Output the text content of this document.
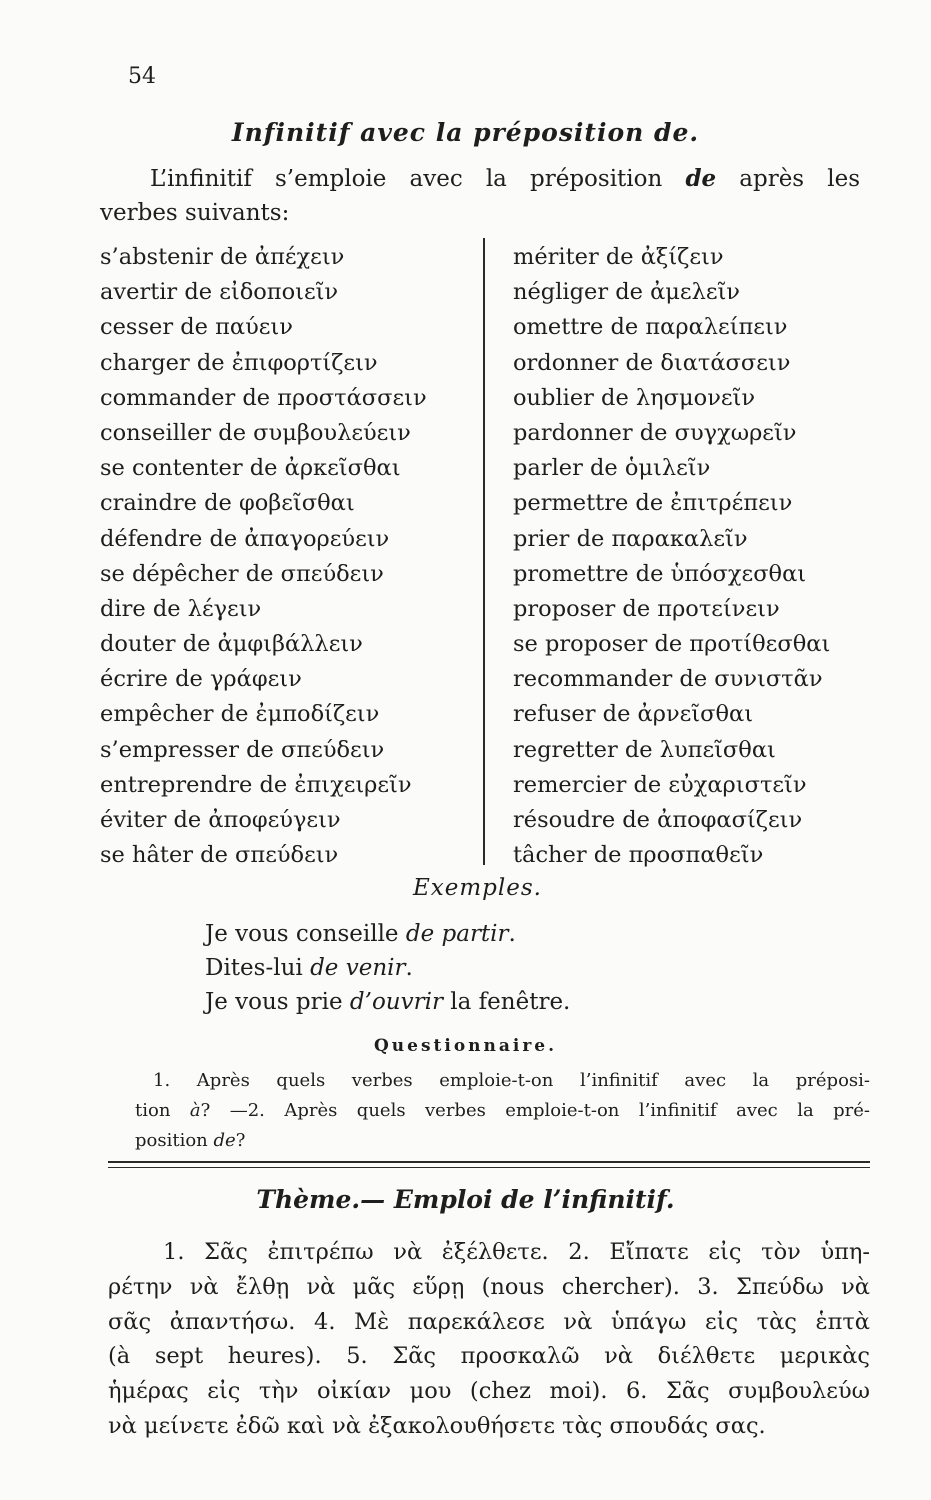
54
Infinitif avec la préposition de.
L’infinitif s’emploie avec la préposition de après les
verbes suivants:
s’abstenir de ἀπέχειν
avertir de εἰδοποιεῖν
cesser de παύειν
charger de ἐπιφορτίζειν
commander de προστάσσειν
conseiller de συμβουλεύειν
se contenter de ἀρκεῖσθαι
craindre de φοβεῖσθαι
défendre de ἀπαγορεύειν
se dépêcher de σπεύδειν
dire de λέγειν
douter de ἀμφιβάλλειν
écrire de γράφειν
empêcher de ἐμποδίζειν
s’empresser de σπεύδειν
entreprendre de ἐπιχειρεῖν
éviter de ἀποφεύγειν
se hâter de σπεύδειν
mériter de ἀξίζειν
négliger de ἀμελεῖν
omettre de παραλείπειν
ordonner de διατάσσειν
oublier de λησμονεῖν
pardonner de συγχωρεῖν
parler de ὁμιλεῖν
permettre de ἐπιτρέπειν
prier de παρακαλεῖν
promettre de ὑπόσχεσθαι
proposer de προτείνειν
se proposer de προτίθεσθαι
recommander de συνιστᾶν
refuser de ἀρνεῖσθαι
regretter de λυπεῖσθαι
remercier de εὐχαριστεῖν
résoudre de ἀποφασίζειν
tâcher de προσπαθεῖν
Exemples.
Je vous conseille de partir.
Dites-lui de venir.
Je vous prie d’ouvrir la fenêtre.
Questionnaire.
1. Après quels verbes emploie-t-on l’infinitif avec la préposi-
tion à? —2. Après quels verbes emploie-t-on l’infinitif avec la pré-
position de?
Thème.— Emploi de l’infinitif.
1. Σᾶς ἐπιτρέπω νὰ ἐξέλθετε. 2. Εἴπατε εἰς τὸν ὑπη-
ρέτην νὰ ἔλθῃ νὰ μᾶς εὕρῃ (nous chercher). 3. Σπεύδω νὰ
σᾶς ἀπαντήσω. 4. Μὲ παρεκάλεσε νὰ ὑπάγω εἰς τὰς ἑπτὰ
(à sept heures). 5. Σᾶς προσκαλῶ νὰ διέλθετε μερικὰς
ἡμέρας εἰς τὴν οἰκίαν μου (chez moi). 6. Σᾶς συμβουλεύω
νὰ μείνετε ἐδῶ καὶ νὰ ἐξακολουθήσετε τὰς σπουδάς σας.
